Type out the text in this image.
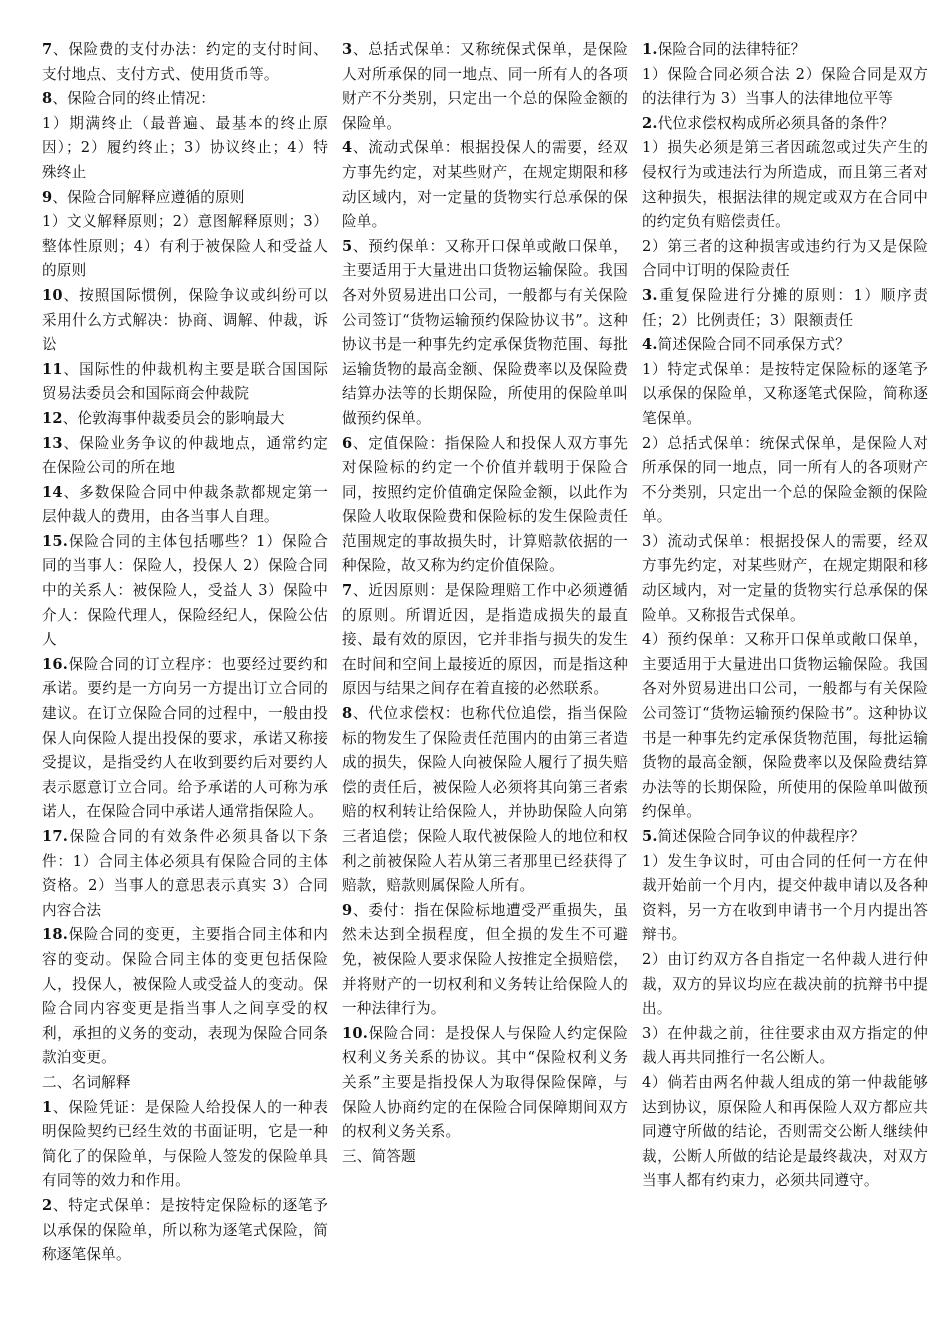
7、保险费的支付办法：约定的支付时间、支付地点、支付方式、使用货币等。

8、保险合同的终止情况：

1）期满终止（最普遍、最基本的终止原因）；2）履约终止；3）协议终止；4）特殊终止

9、保险合同解释应遵循的原则

1）文义解释原则；2）意图解释原则；3）整体性原则；4）有利于被保险人和受益人的原则

10、按照国际惯例，保险争议或纠纷可以采用什么方式解决：协商、调解、仲裁，诉讼

11、国际性的仲裁机构主要是联合国国际贸易法委员会和国际商会仲裁院

12、伦敦海事仲裁委员会的影响最大

13、保险业务争议的仲裁地点，通常约定在保险公司的所在地

14、多数保险合同中仲裁条款都规定第一层仲裁人的费用，由各当事人自理。

15.保险合同的主体包括哪些？1）保险合同的当事人：保险人，投保人 2）保险合同中的关系人：被保险人，受益人 3）保险中介人：保险代理人，保险经纪人，保险公估人

16.保险合同的订立程序：也要经过要约和承诺。要约是一方向另一方提出订立合同的建议。在订立保险合同的过程中，一般由投保人向保险人提出投保的要求，承诺又称接受提议，是指受约人在收到要约后对要约人表示愿意订立合同。给予承诺的人可称为承诺人，在保险合同中承诺人通常指保险人。

17.保险合同的有效条件必须具备以下条件：1）合同主体必须具有保险合同的主体资格。2）当事人的意思表示真实 3）合同内容合法

18.保险合同的变更，主要指合同主体和内容的变动。保险合同主体的变更包括保险人，投保人，被保险人或受益人的变动。保险合同内容变更是指当事人之间享受的权利，承担的义务的变动，表现为保险合同条款泊变更。

二、名词解释

1、保险凭证：是保险人给投保人的一种表明保险契约已经生效的书面证明，它是一种简化了的保险单，与保险人签发的保险单具有同等的效力和作用。

2、特定式保单：是按特定保险标的逐笔予以承保的保险单，所以称为逐笔式保险，简称逐笔保单。

3、总括式保单：又称统保式保单，是保险人对所承保的同一地点、同一所有人的各项财产不分类别，只定出一个总的保险金额的保险单。

4、流动式保单：根据投保人的需要，经双方事先约定，对某些财产，在规定期限和移动区域内，对一定量的货物实行总承保的保险单。

5、预约保单：又称开口保单或敞口保单，主要适用于大量进出口货物运输保险。我国各对外贸易进出口公司，一般都与有关保险公司签订“货物运输预约保险协议书”。这种协议书是一种事先约定承保货物范围、每批运输货物的最高金额、保险费率以及保险费结算办法等的长期保险，所使用的保险单叫做预约保单。

6、定值保险：指保险人和投保人双方事先对保险标的约定一个价值并载明于保险合同，按照约定价值确定保险金额，以此作为保险人收取保险费和保险标的发生保险责任范围规定的事故损失时，计算赔款依据的一种保险，故又称为约定价值保险。

7、近因原则：是保险理赔工作中必须遵循的原则。所谓近因，是指造成损失的最直接、最有效的原因，它并非指与损失的发生在时间和空间上最接近的原因，而是指这种原因与结果之间存在着直接的必然联系。

8、代位求偿权：也称代位追偿，指当保险标的物发生了保险责任范围内的由第三者造成的损失，保险人向被保险人履行了损失赔偿的责任后，被保险人必须将其向第三者索赔的权利转让给保险人，并协助保险人向第三者追偿；保险人取代被保险人的地位和权利之前被保险人若从第三者那里已经获得了赔款，赔款则属保险人所有。

9、委付：指在保险标地遭受严重损失，虽然未达到全损程度，但全损的发生不可避免，被保险人要求保险人按推定全损赔偿，并将财产的一切权利和义务转让给保险人的一种法律行为。

10.保险合同：是投保人与保险人约定保险权利义务关系的协议。其中“保险权利义务关系”主要是指投保人为取得保险保障，与保险人协商约定的在保险合同保障期间双方的权利义务关系。

三、简答题

1.保险合同的法律特征？

1）保险合同必须合法 2）保险合同是双方的法律行为 3）当事人的法律地位平等

2.代位求偿权构成所必须具备的条件？

1）损失必须是第三者因疏忽或过失产生的侵权行为或违法行为所造成，而且第三者对这种损失，根据法律的规定或双方在合同中的约定负有赔偿责任。

2）第三者的这种损害或违约行为又是保险合同中订明的保险责任

3.重复保险进行分摊的原则：1）顺序责任；2）比例责任；3）限额责任

4.简述保险合同不同承保方式？

1）特定式保单：是按特定保险标的逐笔予以承保的保险单，又称逐笔式保险，简称逐笔保单。

2）总括式保单：统保式保单，是保险人对所承保的同一地点，同一所有人的各项财产不分类别，只定出一个总的保险金额的保险单。

3）流动式保单：根据投保人的需要，经双方事先约定，对某些财产，在规定期限和移动区域内，对一定量的货物实行总承保的保险单。又称报告式保单。

4）预约保单：又称开口保单或敞口保单，主要适用于大量进出口货物运输保险。我国各对外贸易进出口公司，一般都与有关保险公司签订“货物运输预约保险书”。这种协议书是一种事先约定承保货物范围，每批运输货物的最高金额，保险费率以及保险费结算办法等的长期保险，所使用的保险单叫做预约保单。

5.简述保险合同争议的仲裁程序？

1）发生争议时，可由合同的任何一方在仲裁开始前一个月内，提交仲裁申请以及各种资料，另一方在收到申请书一个月内提出答辩书。

2）由订约双方各自指定一名仲裁人进行仲裁，双方的异议均应在裁决前的抗辩书中提出。

3）在仲裁之前，往往要求由双方指定的仲裁人再共同推行一名公断人。

4）倘若由两名仲裁人组成的第一仲裁能够达到协议，原保险人和再保险人双方都应共同遵守所做的结论，否则需交公断人继续仲裁，公断人所做的结论是最终裁决，对双方当事人都有约束力，必须共同遵守。
